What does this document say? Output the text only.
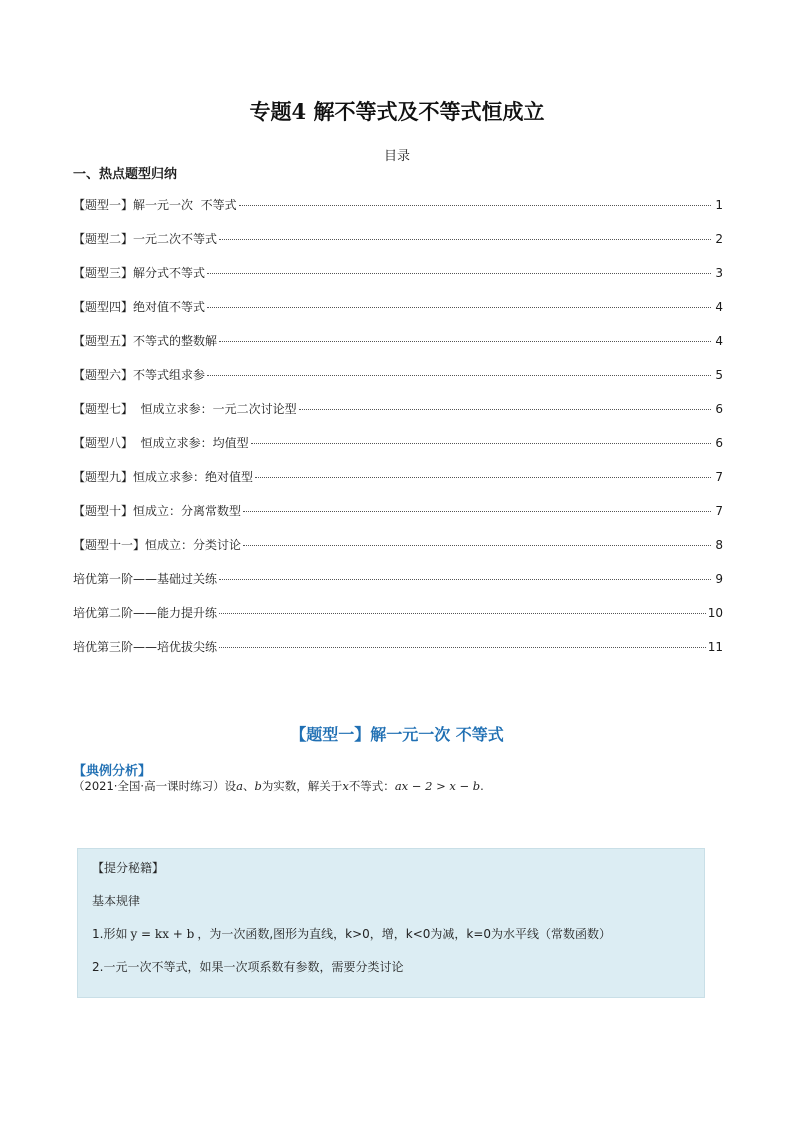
专题4 解不等式及不等式恒成立
目录
一、热点题型归纳
【题型一】解一元一次  不等式	1
【题型二】一元二次不等式	2
【题型三】解分式不等式	3
【题型四】绝对值不等式	4
【题型五】不等式的整数解	4
【题型六】不等式组求参	5
【题型七】  恒成立求参：一元二次讨论型	6
【题型八】  恒成立求参：均值型	6
【题型九】恒成立求参：绝对值型	7
【题型十】恒成立：分离常数型	7
【题型十一】恒成立：分类讨论	8
培优第一阶——基础过关练	9
培优第二阶——能力提升练	10
培优第三阶——培优拔尖练	11
【题型一】解一元一次 不等式
【典例分析】
（2021·全国·高一课时练习）设a、b为实数，解关于x不等式：ax − 2 > x − b.
【提分秘籍】
基本规律
1.形如 y = kx + b ，为一次函数,图形为直线，k>0，增，k<0为减，k=0为水平线（常数函数）
2.一元一次不等式，如果一次项系数有参数，需要分类讨论
